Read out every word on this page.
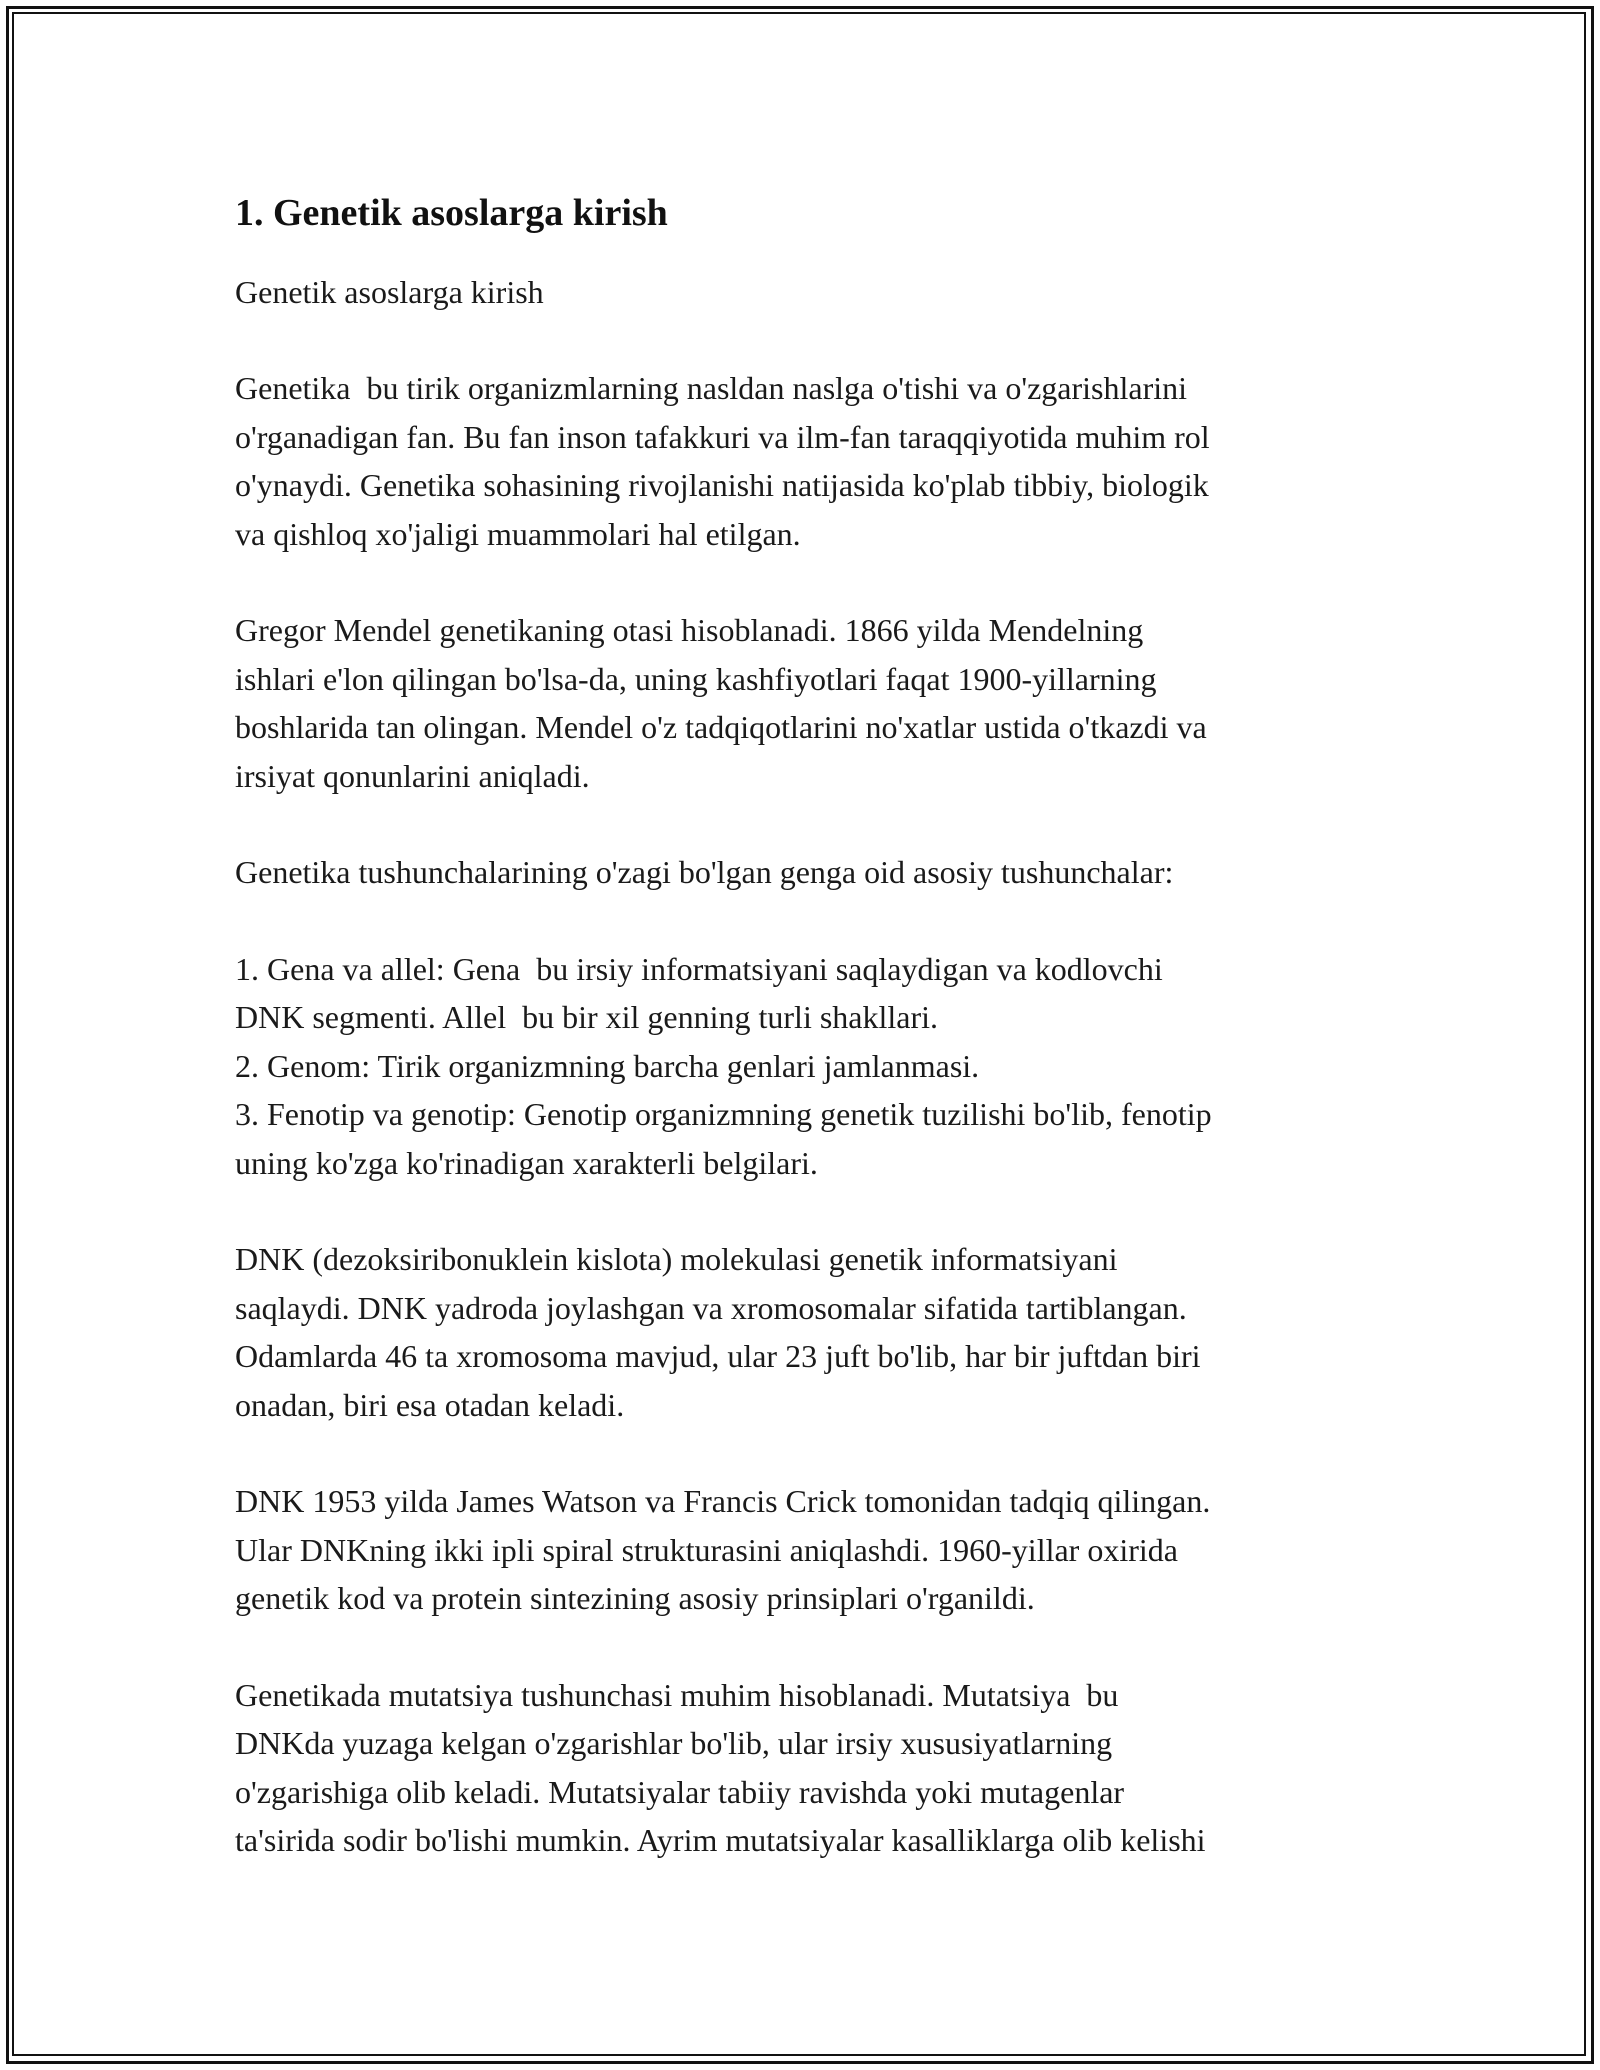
1. Genetik asoslarga kirish
Genetik asoslarga kirish

Genetika  bu tirik organizmlarning nasldan naslga o'tishi va o'zgarishlarini
o'rganadigan fan. Bu fan inson tafakkuri va ilm-fan taraqqiyotida muhim rol
o'ynaydi. Genetika sohasining rivojlanishi natijasida ko'plab tibbiy, biologik
va qishloq xo'jaligi muammolari hal etilgan.

Gregor Mendel genetikaning otasi hisoblanadi. 1866 yilda Mendelning
ishlari e'lon qilingan bo'lsa-da, uning kashfiyotlari faqat 1900-yillarning
boshlarida tan olingan. Mendel o'z tadqiqotlarini no'xatlar ustida o'tkazdi va
irsiyat qonunlarini aniqladi.

Genetika tushunchalarining o'zagi bo'lgan genga oid asosiy tushunchalar:

1. Gena va allel: Gena  bu irsiy informatsiyani saqlaydigan va kodlovchi
DNK segmenti. Allel  bu bir xil genning turli shakllari.
2. Genom: Tirik organizmning barcha genlari jamlanmasi.
3. Fenotip va genotip: Genotip organizmning genetik tuzilishi bo'lib, fenotip
uning ko'zga ko'rinadigan xarakterli belgilari.

DNK (dezoksiribonuklein kislota) molekulasi genetik informatsiyani
saqlaydi. DNK yadroda joylashgan va xromosomalar sifatida tartiblangan.
Odamlarda 46 ta xromosoma mavjud, ular 23 juft bo'lib, har bir juftdan biri
onadan, biri esa otadan keladi.

DNK 1953 yilda James Watson va Francis Crick tomonidan tadqiq qilingan.
Ular DNKning ikki ipli spiral strukturasini aniqlashdi. 1960-yillar oxirida
genetik kod va protein sintezining asosiy prinsiplari o'rganildi.

Genetikada mutatsiya tushunchasi muhim hisoblanadi. Mutatsiya  bu
DNKda yuzaga kelgan o'zgarishlar bo'lib, ular irsiy xususiyatlarning
o'zgarishiga olib keladi. Mutatsiyalar tabiiy ravishda yoki mutagenlar
ta'sirida sodir bo'lishi mumkin. Ayrim mutatsiyalar kasalliklarga olib kelishi
